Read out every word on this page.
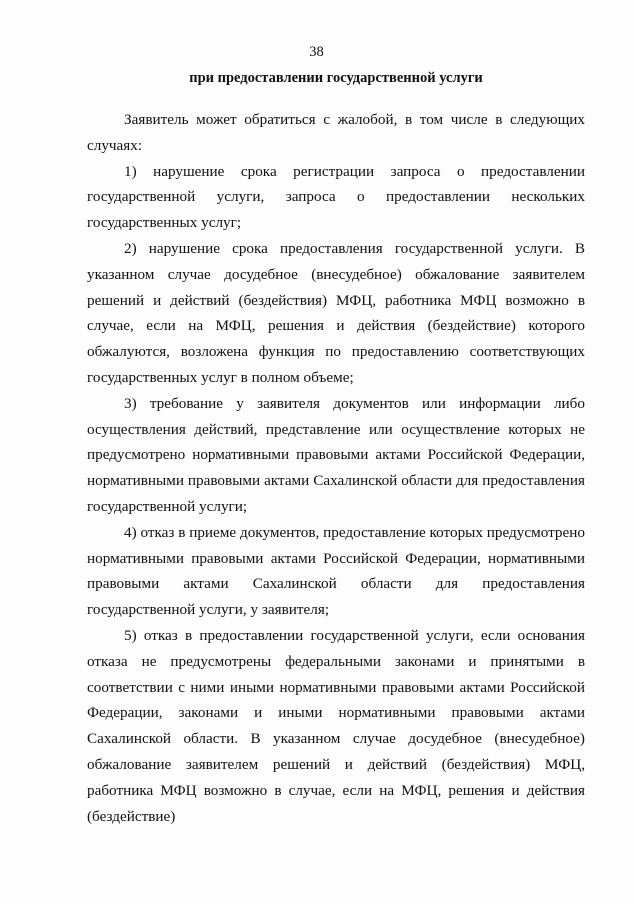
38
при предоставлении государственной услуги

Заявитель может обратиться с жалобой, в том числе в следующих случаях:

1) нарушение срока регистрации запроса о предоставлении государственной услуги, запроса о предоставлении нескольких государственных услуг;

2) нарушение срока предоставления государственной услуги. В указанном случае досудебное (внесудебное) обжалование заявителем решений и действий (бездействия) МФЦ, работника МФЦ возможно в случае, если на МФЦ, решения и действия (бездействие) которого обжалуются, возложена функция по предоставлению соответствующих государственных услуг в полном объеме;

3) требование у заявителя документов или информации либо осуществления действий, представление или осуществление которых не предусмотрено нормативными правовыми актами Российской Федерации, нормативными правовыми актами Сахалинской области для предоставления государственной услуги;

4) отказ в приеме документов, предоставление которых предусмотрено нормативными правовыми актами Российской Федерации, нормативными правовыми актами Сахалинской области для предоставления государственной услуги, у заявителя;

5) отказ в предоставлении государственной услуги, если основания отказа не предусмотрены федеральными законами и принятыми в соответствии с ними иными нормативными правовыми актами Российской Федерации, законами и иными нормативными правовыми актами Сахалинской области. В указанном случае досудебное (внесудебное) обжалование заявителем решений и действий (бездействия) МФЦ, работника МФЦ возможно в случае, если на МФЦ, решения и действия (бездействие)
